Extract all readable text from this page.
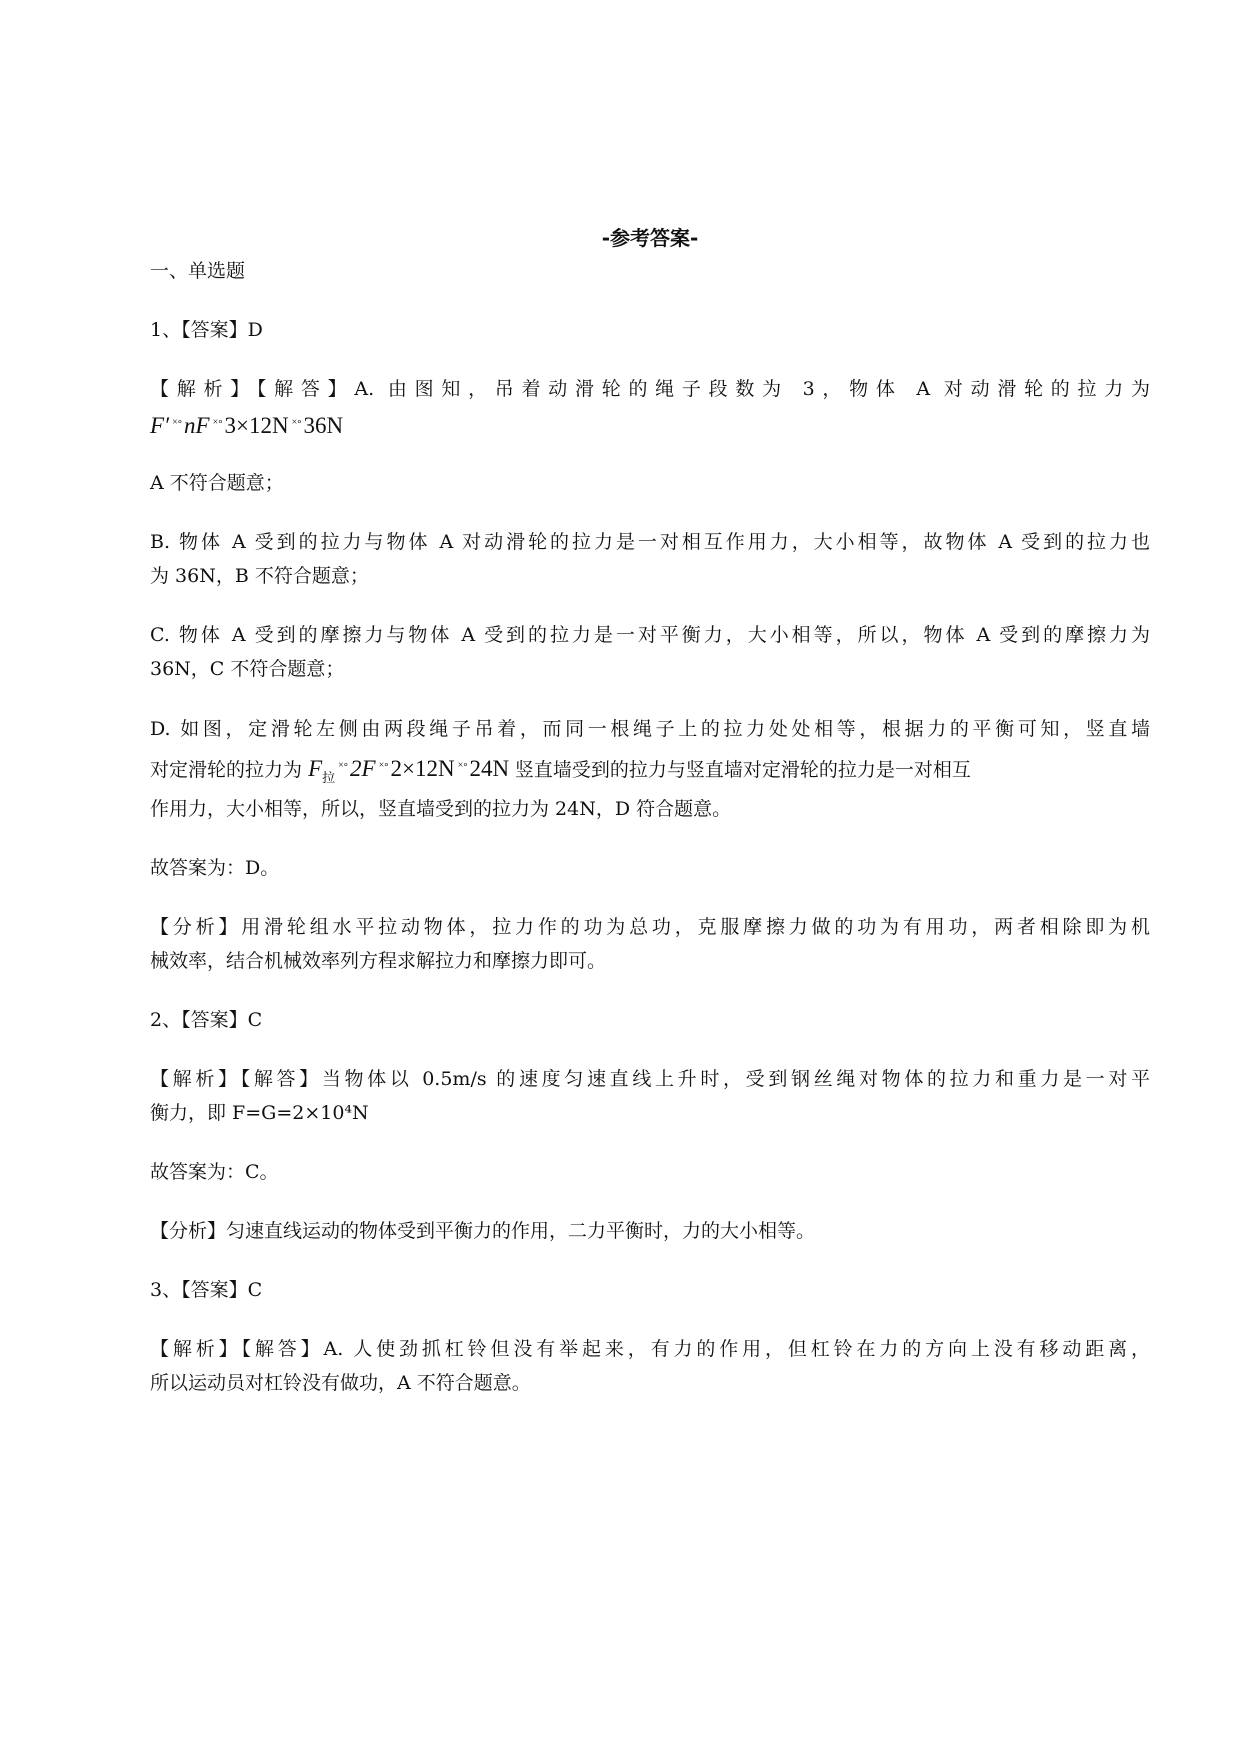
-参考答案-
一、单选题
1、【答案】D
【解析】【解答】A. 由图知，吊着动滑轮的绳子段数为 3，物体 A 对动滑轮的拉力为
F′ ×∘nF ×∘3×12N ×∘36N
A 不符合题意；
B. 物体 A 受到的拉力与物体 A 对动滑轮的拉力是一对相互作用力，大小相等，故物体 A 受到的拉力也
为 36N，B 不符合题意；
C. 物体 A 受到的摩擦力与物体 A 受到的拉力是一对平衡力，大小相等，所以，物体 A 受到的摩擦力为
36N，C 不符合题意；
D. 如图，定滑轮左侧由两段绳子吊着，而同一根绳子上的拉力处处相等，根据力的平衡可知，竖直墙
对定滑轮的拉力为 $F_拉^{\times\circ}2F$ ×∘2×12N ×∘24N 竖直墙受到的拉力与竖直墙对定滑轮的拉力是一对相互
作用力，大小相等，所以，竖直墙受到的拉力为 24N，D 符合题意。
故答案为：D。
【分析】用滑轮组水平拉动物体，拉力作的功为总功，克服摩擦力做的功为有用功，两者相除即为机
械效率，结合机械效率列方程求解拉力和摩擦力即可。
2、【答案】C
【解析】【解答】当物体以 0.5m/s 的速度匀速直线上升时，受到钢丝绳对物体的拉力和重力是一对平
衡力，即 F=G=2×10⁴N
故答案为：C。
【分析】匀速直线运动的物体受到平衡力的作用，二力平衡时，力的大小相等。
3、【答案】C
【解析】【解答】A. 人使劲抓杠铃但没有举起来，有力的作用，但杠铃在力的方向上没有移动距离，
所以运动员对杠铃没有做功，A 不符合题意。
